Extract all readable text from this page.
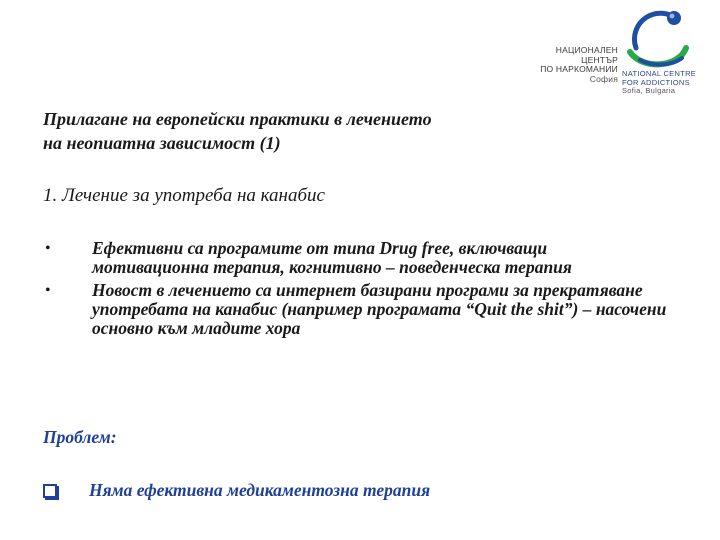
НАЦИОНАЛЕН ЦЕНТЪР
ПО НАРКОМАНИИ
София NATIONAL CENTRE
FOR ADDICTIONS
Sofia, Bulgaria
Прилагане на европейски практики в лечението
на неопиатна зависимост (1)
1. Лечение за употреба на канабис
•	Ефективни са програмите от типа Drug free, включващи мотивационна терапия, когнитивно – поведенческа терапия
•	Новост в лечението са интернет базирани програми за прекратяване употребата на канабис (например програмата “Quit the shit”) – насочени основно към младите хора
Проблем:
Няма ефективна медикаментозна терапия
